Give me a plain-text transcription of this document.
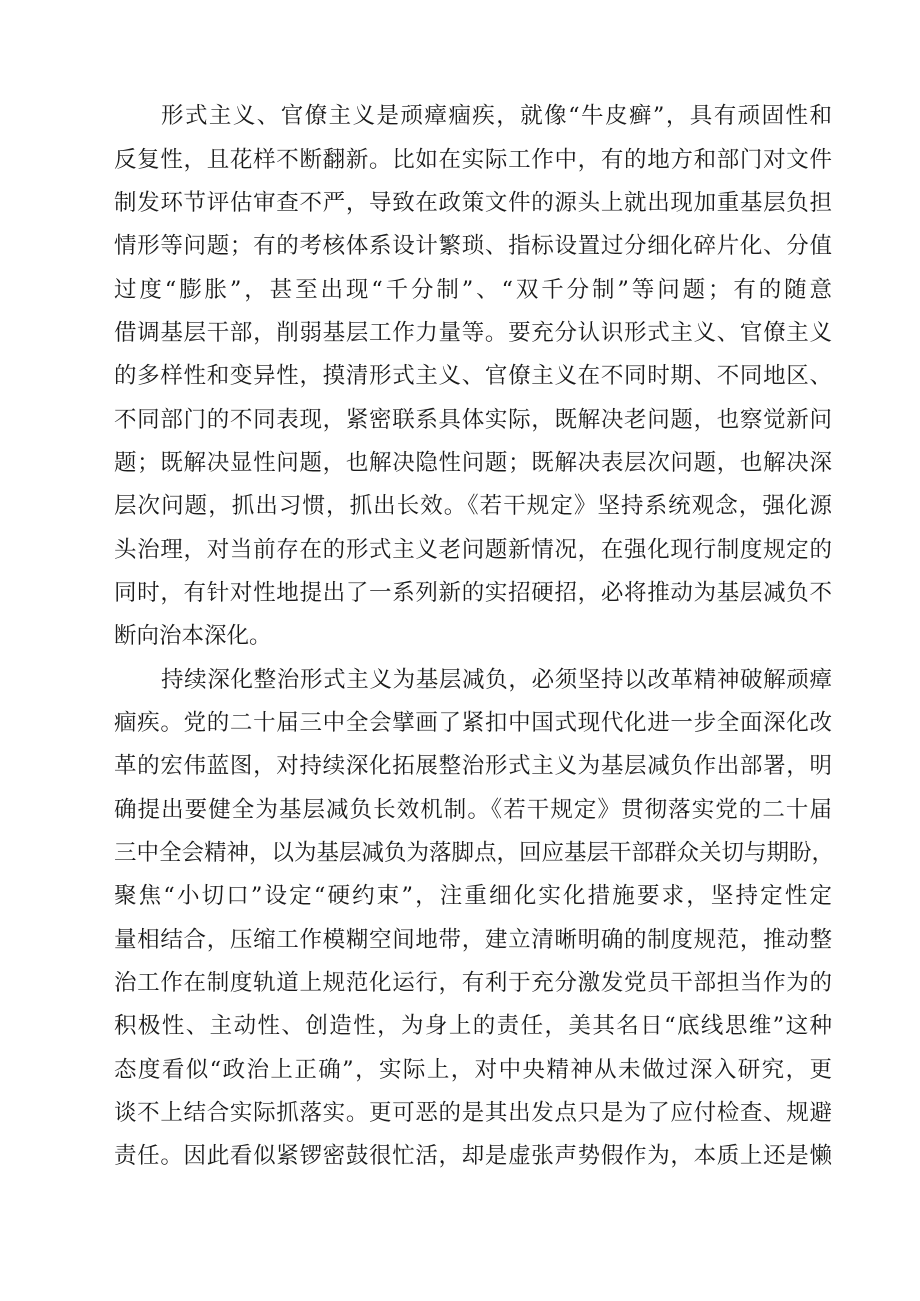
形式主义、官僚主义是顽瘴痼疾，就像“牛皮癣”，具有顽固性和
反复性，且花样不断翻新。比如在实际工作中，有的地方和部门对文件
制发环节评估审查不严，导致在政策文件的源头上就出现加重基层负担
情形等问题；有的考核体系设计繁琐、指标设置过分细化碎片化、分值
过度“膨胀”，甚至出现“千分制”、“双千分制”等问题；有的随意
借调基层干部，削弱基层工作力量等。要充分认识形式主义、官僚主义
的多样性和变异性，摸清形式主义、官僚主义在不同时期、不同地区、
不同部门的不同表现，紧密联系具体实际，既解决老问题，也察觉新问
题；既解决显性问题，也解决隐性问题；既解决表层次问题，也解决深
层次问题，抓出习惯，抓出长效。《若干规定》坚持系统观念，强化源
头治理，对当前存在的形式主义老问题新情况，在强化现行制度规定的
同时，有针对性地提出了一系列新的实招硬招，必将推动为基层减负不
断向治本深化。
持续深化整治形式主义为基层减负，必须坚持以改革精神破解顽瘴
痼疾。党的二十届三中全会擘画了紧扣中国式现代化进一步全面深化改
革的宏伟蓝图，对持续深化拓展整治形式主义为基层减负作出部署，明
确提出要健全为基层减负长效机制。《若干规定》贯彻落实党的二十届
三中全会精神，以为基层减负为落脚点，回应基层干部群众关切与期盼，
聚焦“小切口”设定“硬约束”，注重细化实化措施要求，坚持定性定
量相结合，压缩工作模糊空间地带，建立清晰明确的制度规范，推动整
治工作在制度轨道上规范化运行，有利于充分激发党员干部担当作为的
积极性、主动性、创造性，为身上的责任，美其名日“底线思维”这种
态度看似“政治上正确”，实际上，对中央精神从未做过深入研究，更
谈不上结合实际抓落实。更可恶的是其出发点只是为了应付检查、规避
责任。因此看似紧锣密鼓很忙活，却是虚张声势假作为，本质上还是懒
